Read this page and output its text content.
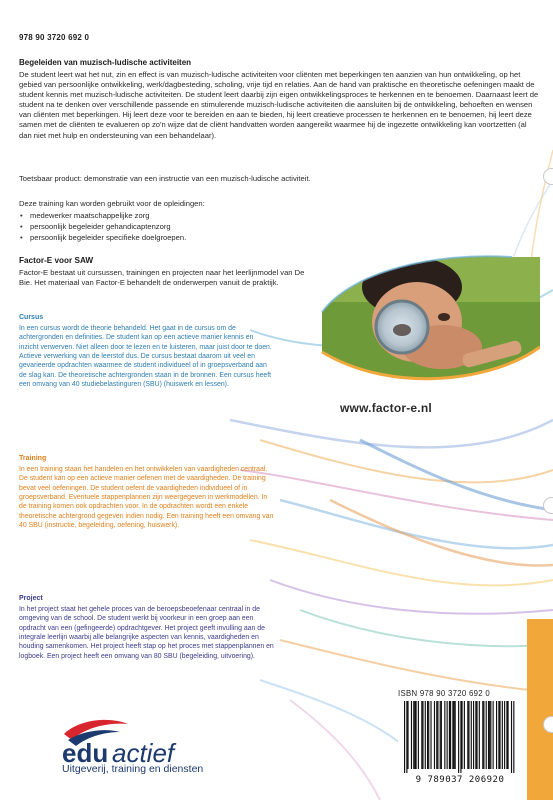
978 90 3720 692 0
Begeleiden van muzisch-ludische activiteiten

De student leert wat het nut, zin en effect is van muzisch-ludische activiteiten voor cliënten met beperkingen ten aanzien van hun ontwikkeling, op het gebied van persoonlijke ontwikkeling, werk/dagbesteding, scholing, vrije tijd en relaties. Aan de hand van praktische en theoretische oefeningen maakt de student kennis met muzisch-ludische activiteiten. De student leert daarbij zijn eigen ontwikkelingsproces te herkennen en te benoemen. Daarnaast leert de student na te denken over verschillende passende en stimulerende muzisch-ludische activiteiten die aansluiten bij de ontwikkeling, behoeften en wensen van cliënten met beperkingen. Hij leert deze voor te bereiden en aan te bieden, hij leert creatieve processen te herkennen en te benoemen, hij leert deze samen met de cliënten te evalueren op zo'n wijze dat de cliënt handvatten worden aangereikt waarmee hij de ingezette ontwikkeling kan voortzetten (al dan niet met hulp en ondersteuning van een behandelaar).

Toetsbaar product: demonstratie van een instructie van een muzisch-ludische activiteit.
Deze training kan worden gebruikt voor de opleidingen:
• medewerker maatschappelijke zorg
• persoonlijk begeleider gehandicaptenzorg
• persoonlijk begeleider specifieke doelgroepen.
Factor-E voor SAW

Factor-E bestaat uit cursussen, trainingen en projecten naar het leerlijnmodel van De Bie. Het materiaal van Factor-E behandelt de onderwerpen vanuit de praktijk.

www.factor-e.nl
Cursus

In een cursus wordt de theorie behandeld. Het gaat in de cursus om de achtergronden en definities. De student kan op een actieve manier kennis en inzicht verwerven. Niet alleen door te lezen en te luisteren, maar juist door te doen. Actieve verwerking van de leerstof dus. De cursus bestaat daarom uit veel en gevarieerde opdrachten waarmee de student individueel of in groepsverband aan de slag kan. De theoretische achtergronden staan in de bronnen. Een cursus heeft een omvang van 40 studiebelastinguren (SBU) (huiswerk en lessen).

Training

In een training staan het handelen en het ontwikkelen van vaardigheden centraal. De student kan op een actieve manier oefenen met de vaardigheden. De training bevat veel oefeningen. De student oefent de vaardigheden individueel of in groepsverband. Eventuele stappenplannen zijn weergegeven in werkmodellen. In de training komen ook opdrachten voor. In de opdrachten wordt een enkele theoretische achtergrond gegeven indien nodig. Een training heeft een omvang van 40 SBU (instructie, begeleiding, oefening, huiswerk).

Project

In het project staat het gehele proces van de beroepsbeoefenaar centraal in de omgeving van de school. De student werkt bij voorkeur in een groep aan een opdracht van een (gefingeerde) opdrachtgever. Het project geeft invulling aan de integrale leerlijn waarbij alle belangrijke aspecten van kennis, vaardigheden en houding samenkomen. Het project heeft stap op het proces met stappenplannen en logboek. Een project heeft een omvang van 80 SBU (begeleiding, uitvoering).

ISBN 978 90 3720 692 0
9 789037 206920
edu actief
Uitgeverij, training en diensten
